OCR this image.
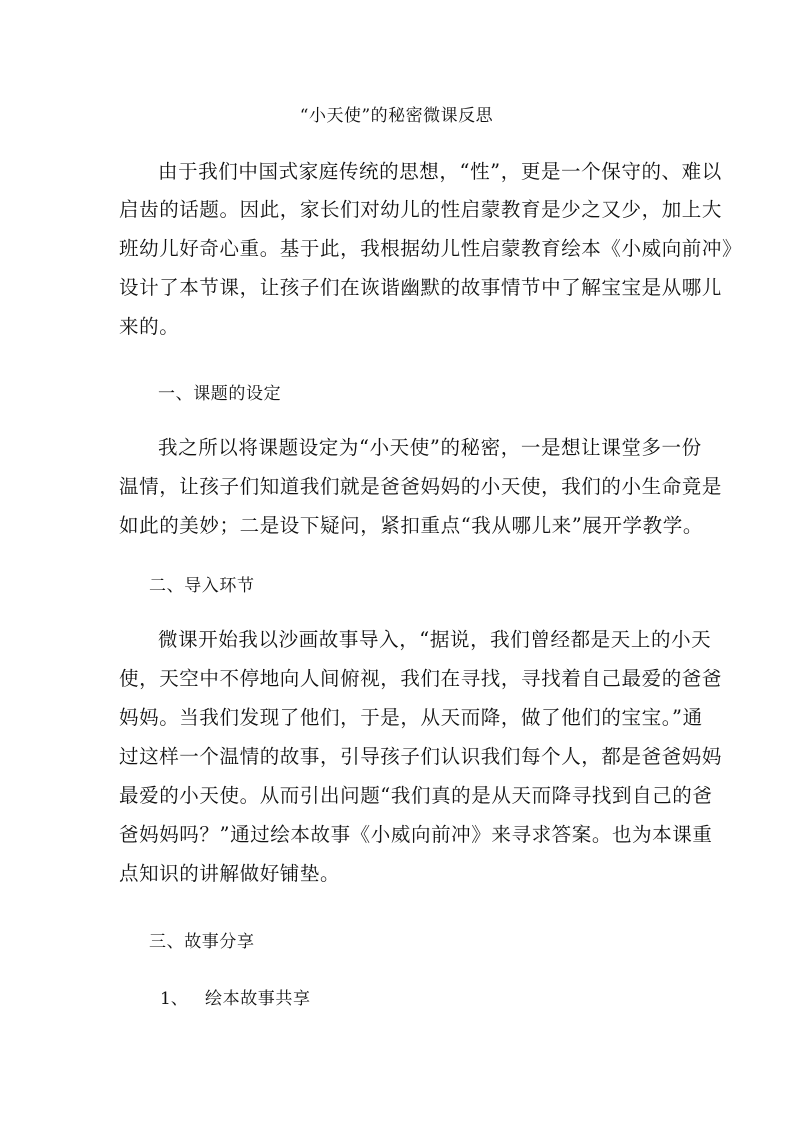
“小天使”的秘密微课反思
由于我们中国式家庭传统的思想，“性”，更是一个保守的、难以
启齿的话题。因此，家长们对幼儿的性启蒙教育是少之又少，加上大
班幼儿好奇心重。基于此，我根据幼儿性启蒙教育绘本《小威向前冲》
设计了本节课，让孩子们在诙谐幽默的故事情节中了解宝宝是从哪儿
来的。
一、课题的设定
我之所以将课题设定为“小天使”的秘密，一是想让课堂多一份
温情，让孩子们知道我们就是爸爸妈妈的小天使，我们的小生命竟是
如此的美妙；二是设下疑问，紧扣重点“我从哪儿来”展开学教学。
二、导入环节
微课开始我以沙画故事导入，“据说，我们曾经都是天上的小天
使，天空中不停地向人间俯视，我们在寻找，寻找着自己最爱的爸爸
妈妈。当我们发现了他们，于是，从天而降，做了他们的宝宝。”通
过这样一个温情的故事，引导孩子们认识我们每个人，都是爸爸妈妈
最爱的小天使。从而引出问题“我们真的是从天而降寻找到自己的爸
爸妈妈吗？”通过绘本故事《小威向前冲》来寻求答案。也为本课重
点知识的讲解做好铺垫。
三、故事分享
1、 绘本故事共享
